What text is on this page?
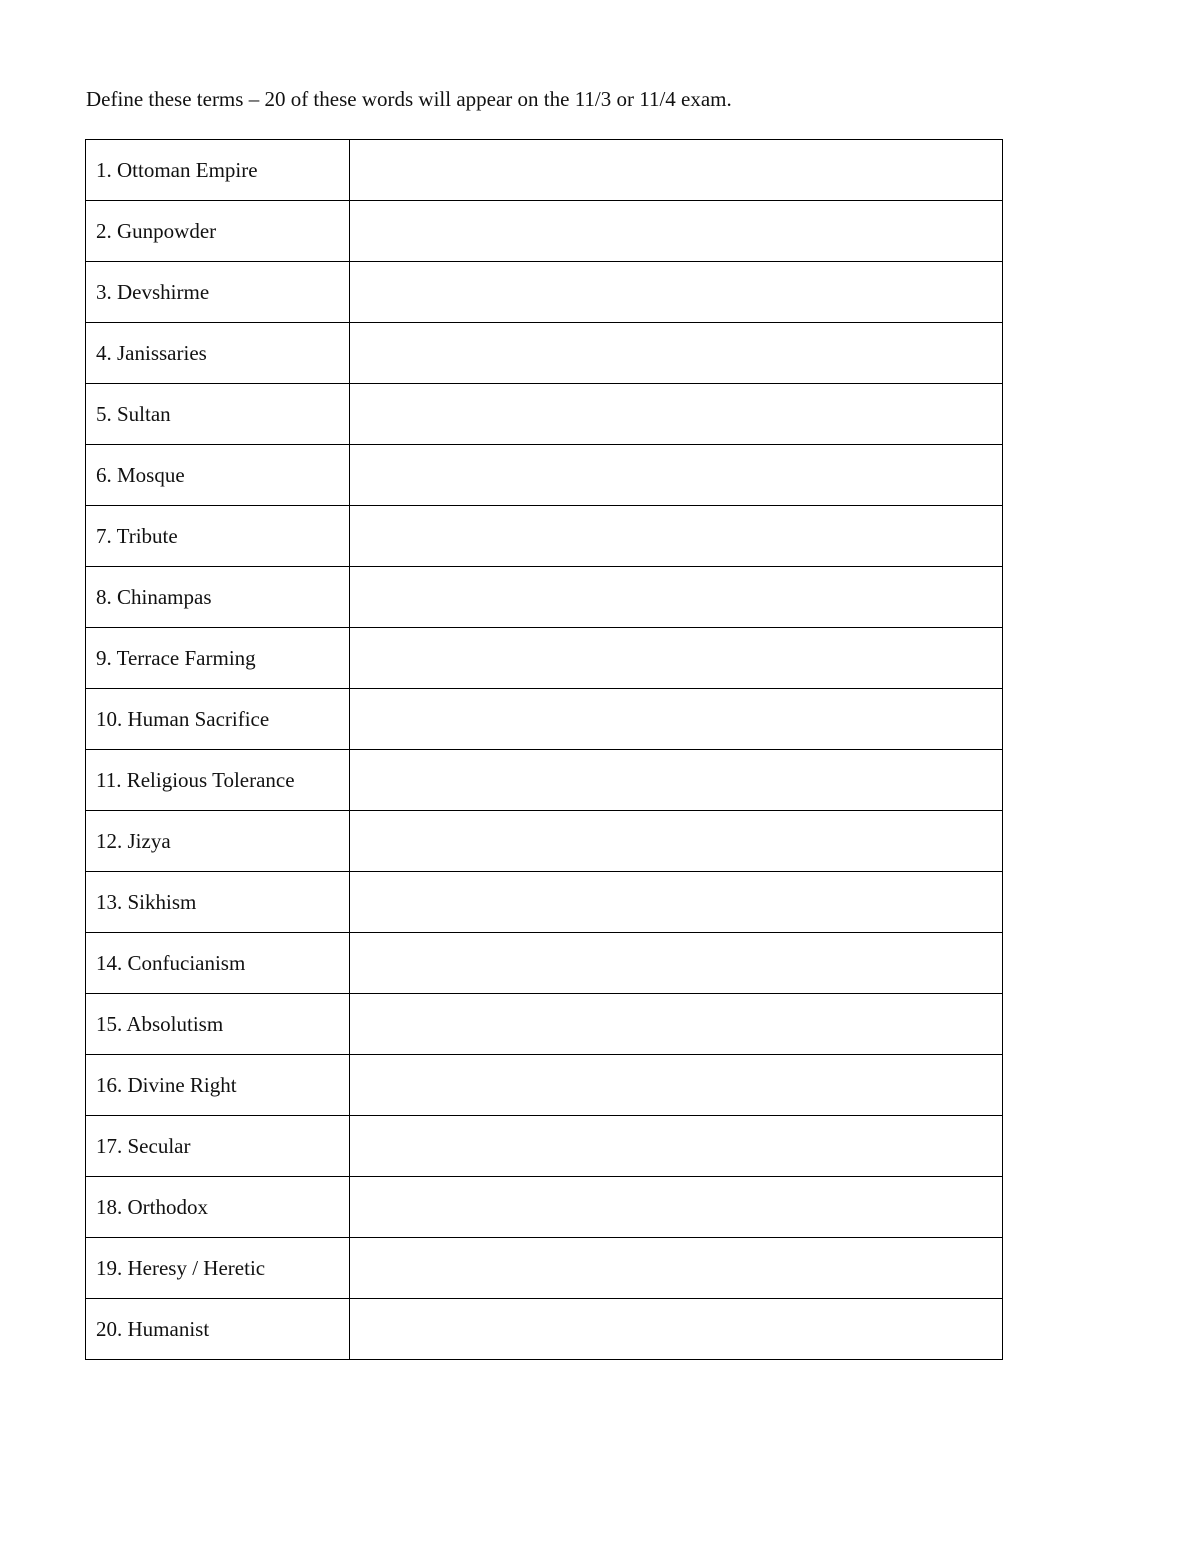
Define these terms – 20 of these words will appear on the 11/3 or 11/4 exam.
1. Ottoman Empire	
2. Gunpowder	
3. Devshirme	
4. Janissaries	
5. Sultan	
6. Mosque	
7. Tribute	
8. Chinampas	
9. Terrace Farming	
10. Human Sacrifice	
11. Religious Tolerance	
12. Jizya	
13. Sikhism	
14. Confucianism	
15. Absolutism	
16. Divine Right	
17. Secular	
18. Orthodox	
19. Heresy / Heretic	
20. Humanist	
